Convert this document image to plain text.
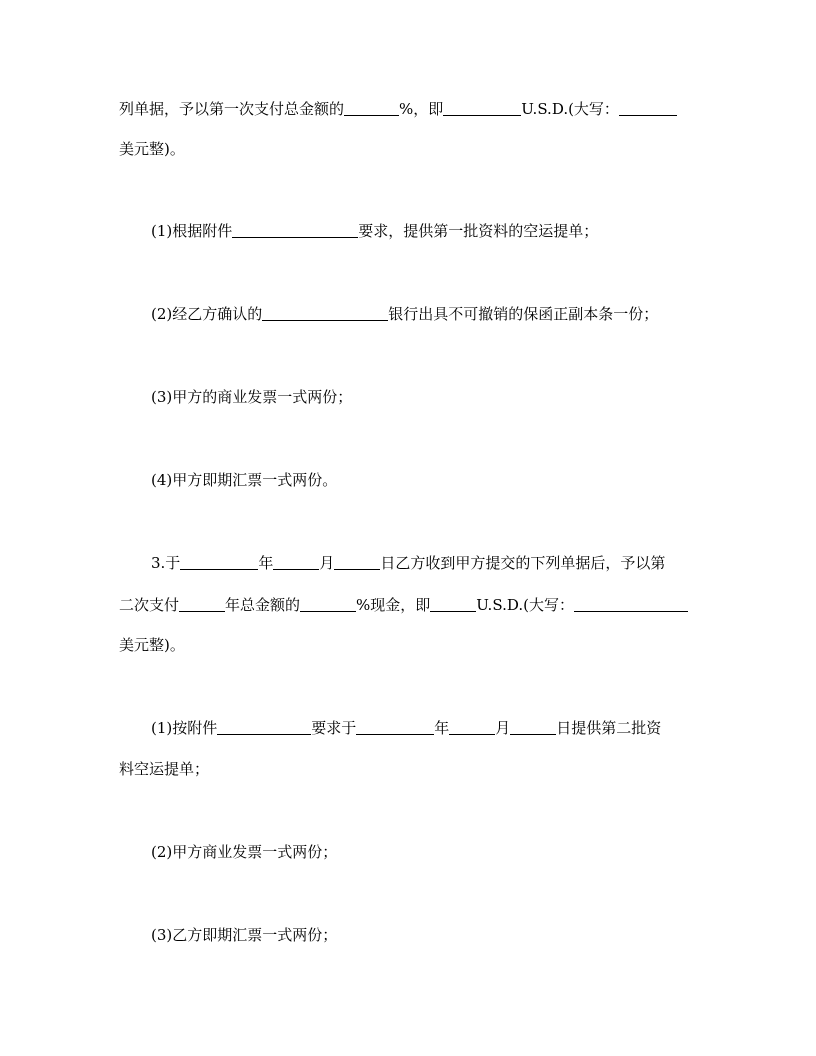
列单据，予以第一次支付总金额的	%，即	U.S.D.(大写：
美元整)。
(1)根据附件	要求，提供第一批资料的空运提单；
(2)经乙方确认的	银行出具不可撤销的保函正副本条一份；
(3)甲方的商业发票一式两份；
(4)甲方即期汇票一式两份。
3.于	年	月	日乙方收到甲方提交的下列单据后，予以第
二次支付	年总金额的	%现金，即	U.S.D.(大写：
美元整)。
(1)按附件	要求于	年	月	日提供第二批资
料空运提单；
(2)甲方商业发票一式两份；
(3)乙方即期汇票一式两份；
